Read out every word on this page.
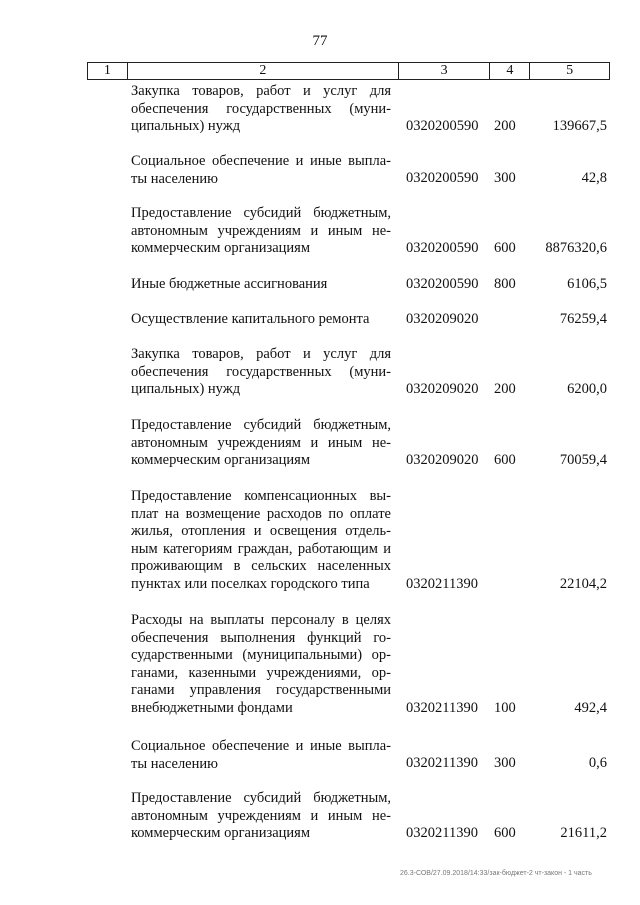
77
1	2	3	4	5
Закупка товаров, работ и услуг для обеспечения государственных (муни-ципальных) нужд	0320200590 200	139667,5
Социальное обеспечение и иные выпла-ты населению	0320200590 300	42,8
Предоставление субсидий бюджетным, автономным учреждениям и иным не-коммерческим организациям	0320200590 600 8876320,6
Иные бюджетные ассигнования	0320200590 800	6106,5
Осуществление капитального ремонта	0320209020	76259,4
Закупка товаров, работ и услуг для обеспечения государственных (муни-ципальных) нужд	0320209020 200	6200,0
Предоставление субсидий бюджетным, автономным учреждениям и иным не-коммерческим организациям	0320209020 600	70059,4
Предоставление компенсационных вы-плат на возмещение расходов по оплате жилья, отопления и освещения отдель-ным категориям граждан, работающим и проживающим в сельских населенных пунктах или поселках городского типа	0320211390	22104,2
Расходы на выплаты персоналу в целях обеспечения выполнения функций го-сударственными (муниципальными) ор-ганами, казенными учреждениями, ор-ганами управления государственными внебюджетными фондами	0320211390 100	492,4
Социальное обеспечение и иные выпла-ты населению	0320211390 300	0,6
Предоставление субсидий бюджетным, автономным учреждениям и иным не-коммерческим организациям	0320211390 600	21611,2
26.3-СОВ/27.09.2018/14:33/зак-бюджет-2 чт-закон - 1 часть
